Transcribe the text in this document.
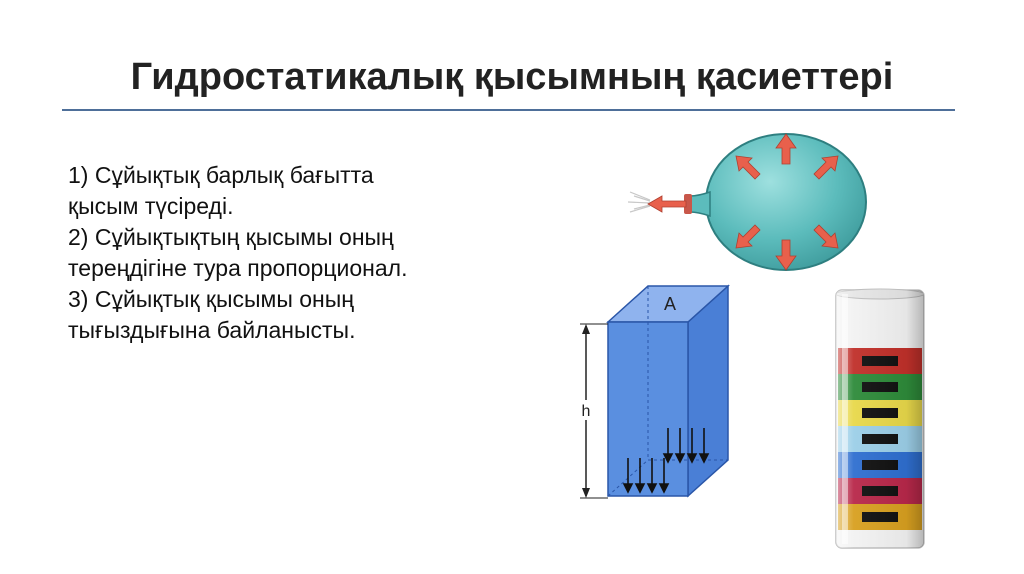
Гидростатикалық қысымның қасиеттері

1) Сұйықтық барлық бағытта

қысым түсіреді.

2) Сұйықтықтың қысымы оның

тереңдігіне тура пропорционал.

3) Сұйықтық қысымы оның

тығыздығына байланысты.

h
A
